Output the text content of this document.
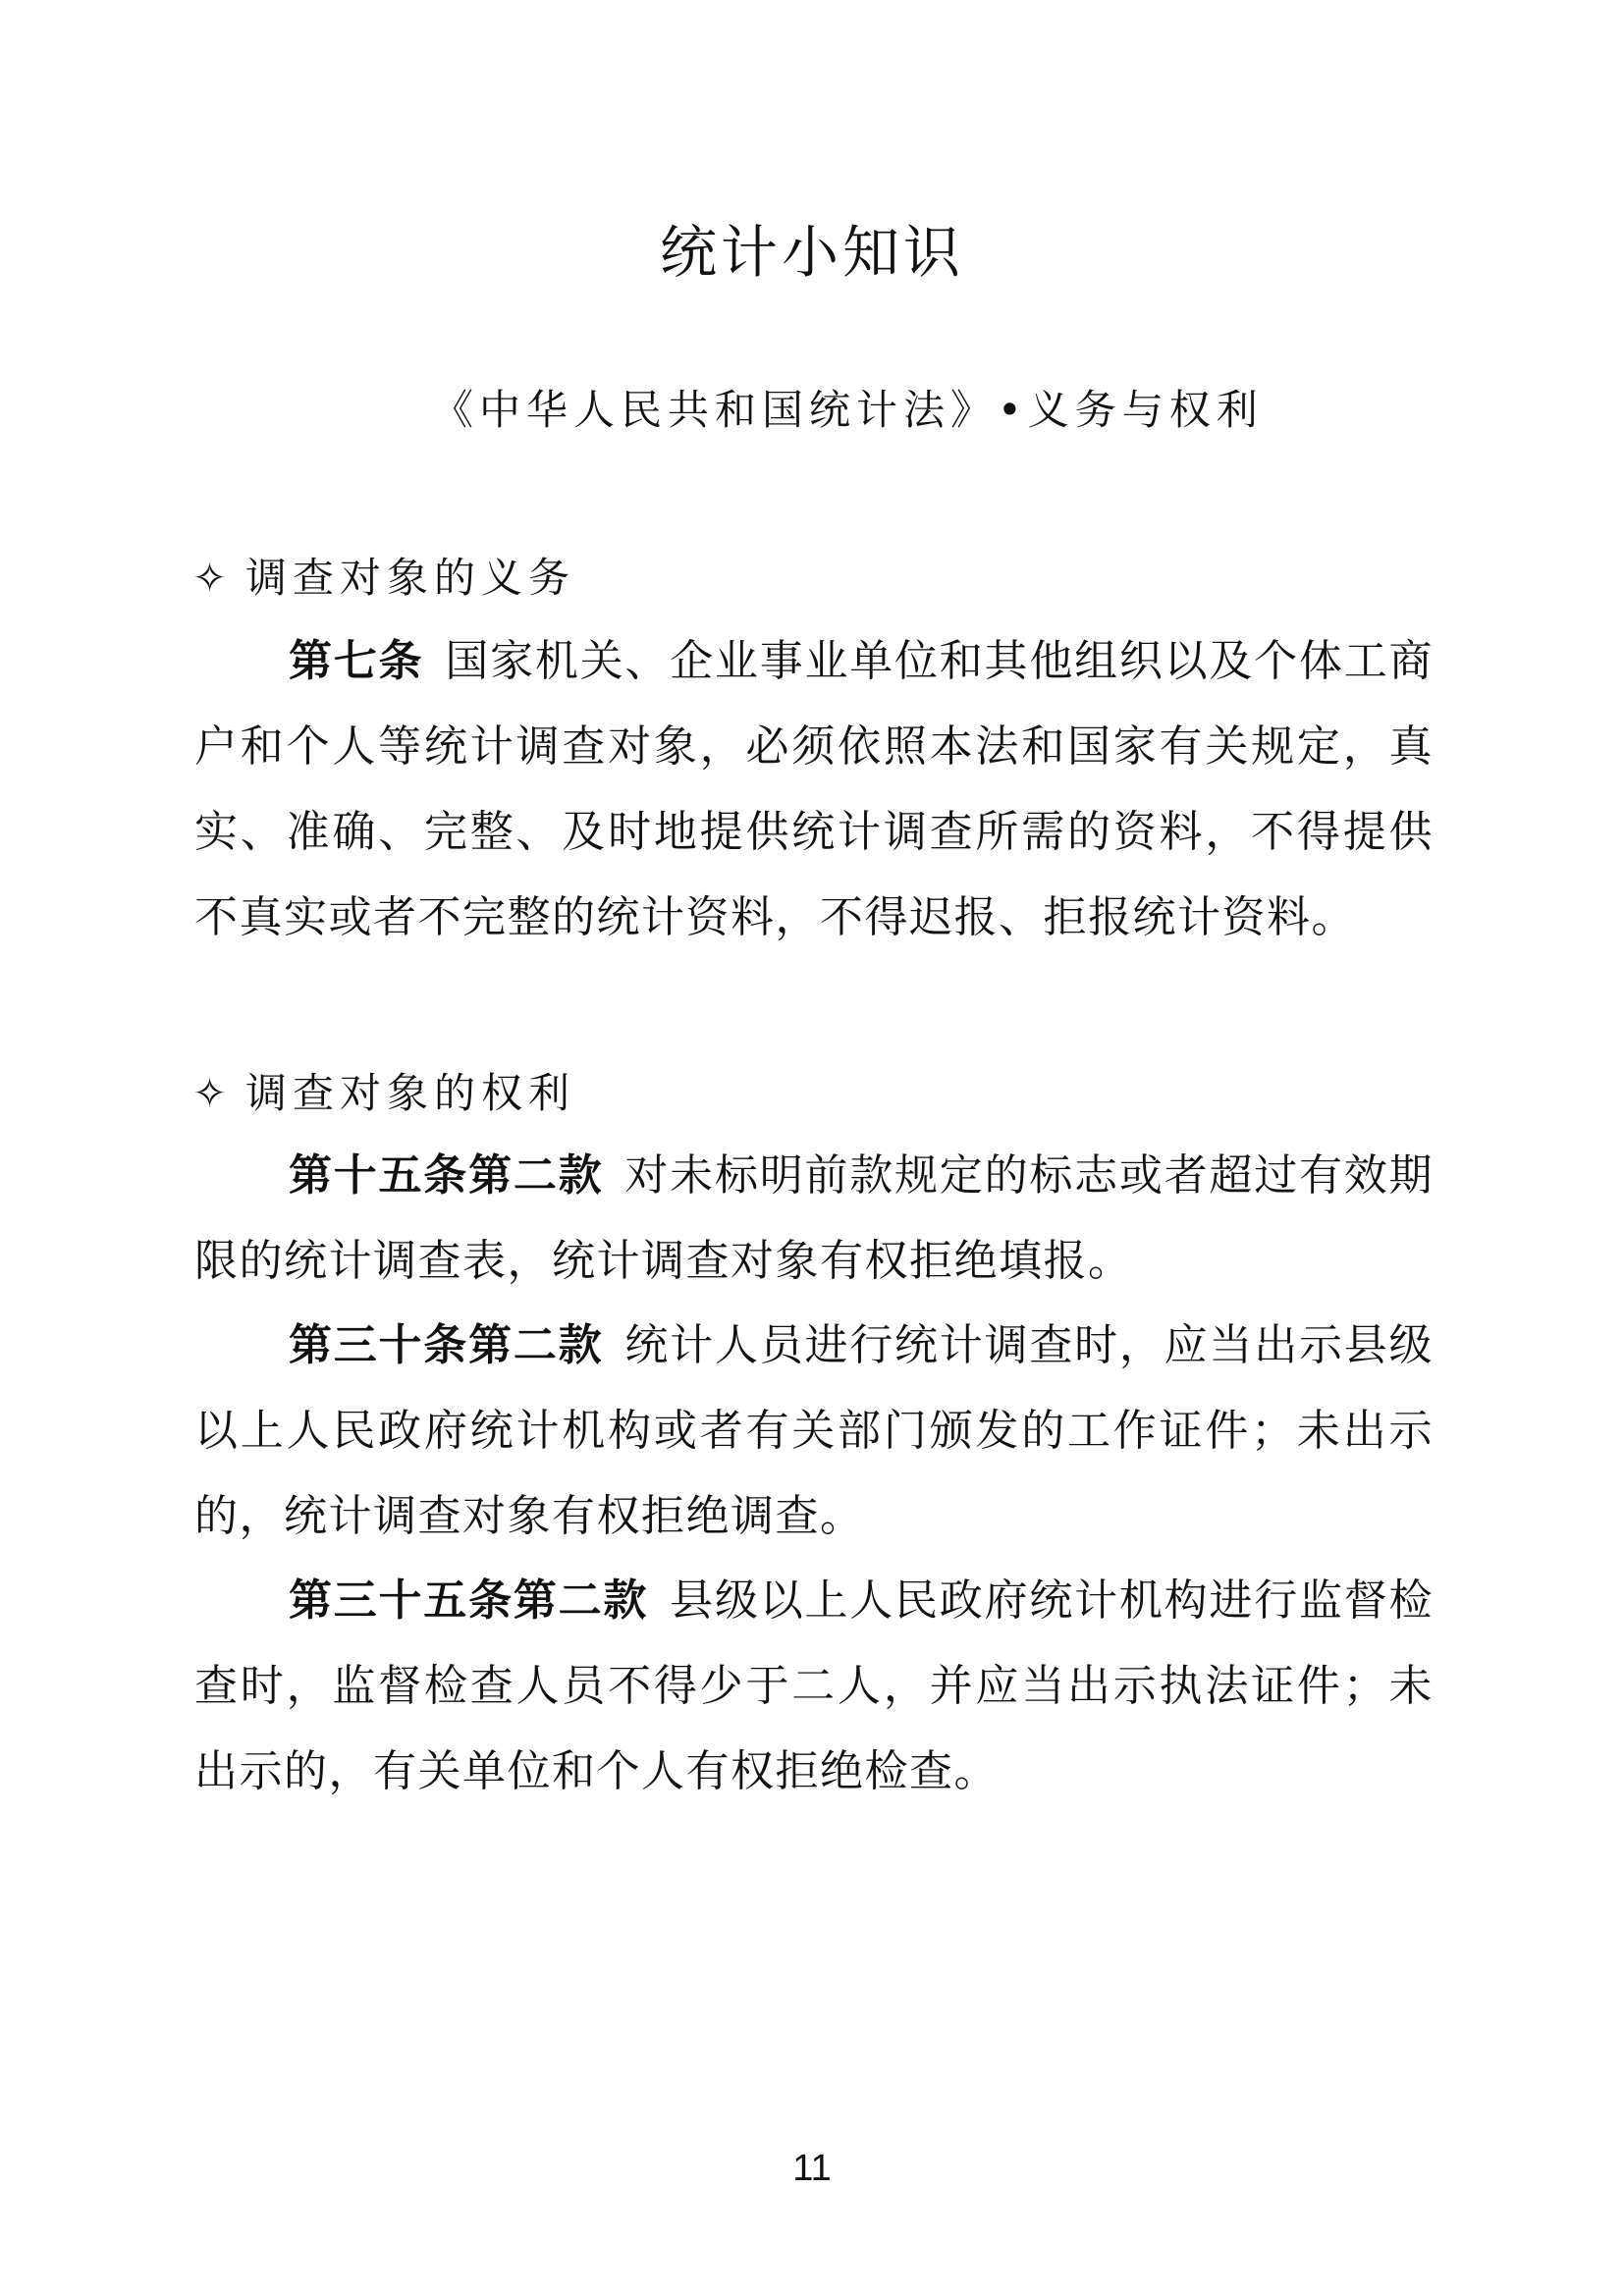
统计小知识

《中华人民共和国统计法》•义务与权利

✧ 调查对象的义务

第七条 国家机关、企业事业单位和其他组织以及个体工商户和个人等统计调查对象，必须依照本法和国家有关规定，真实、准确、完整、及时地提供统计调查所需的资料，不得提供不真实或者不完整的统计资料，不得迟报、拒报统计资料。

✧ 调查对象的权利

第十五条第二款 对未标明前款规定的标志或者超过有效期限的统计调查表，统计调查对象有权拒绝填报。

第三十条第二款 统计人员进行统计调查时，应当出示县级以上人民政府统计机构或者有关部门颁发的工作证件；未出示的，统计调查对象有权拒绝调查。

第三十五条第二款 县级以上人民政府统计机构进行监督检查时，监督检查人员不得少于二人，并应当出示执法证件；未出示的，有关单位和个人有权拒绝检查。

11
